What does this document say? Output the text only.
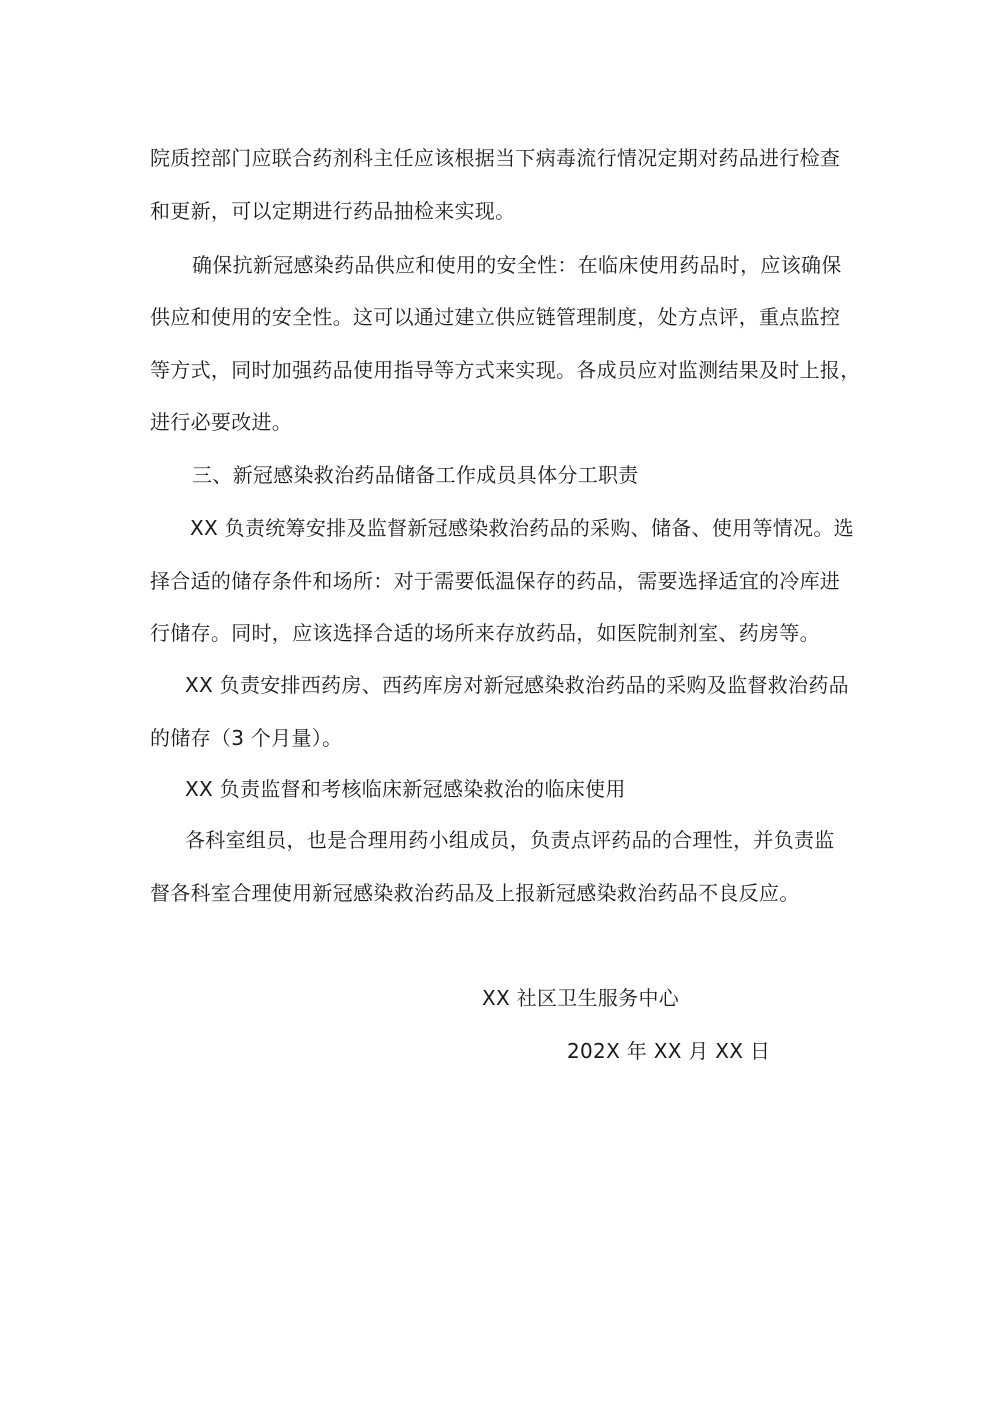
院质控部门应联合药剂科主任应该根据当下病毒流行情况定期对药品进行检查
和更新，可以定期进行药品抽检来实现。
确保抗新冠感染药品供应和使用的安全性：在临床使用药品时，应该确保
供应和使用的安全性。这可以通过建立供应链管理制度，处方点评，重点监控
等方式，同时加强药品使用指导等方式来实现。各成员应对监测结果及时上报，
进行必要改进。
三、新冠感染救治药品储备工作成员具体分工职责
XX 负责统筹安排及监督新冠感染救治药品的采购、储备、使用等情况。选
择合适的储存条件和场所：对于需要低温保存的药品，需要选择适宜的冷库进
行储存。同时，应该选择合适的场所来存放药品，如医院制剂室、药房等。
XX 负责安排西药房、西药库房对新冠感染救治药品的采购及监督救治药品
的储存（3 个月量）。
XX 负责监督和考核临床新冠感染救治的临床使用
各科室组员，也是合理用药小组成员，负责点评药品的合理性，并负责监
督各科室合理使用新冠感染救治药品及上报新冠感染救治药品不良反应。
XX 社区卫生服务中心
202X 年 XX 月 XX 日
